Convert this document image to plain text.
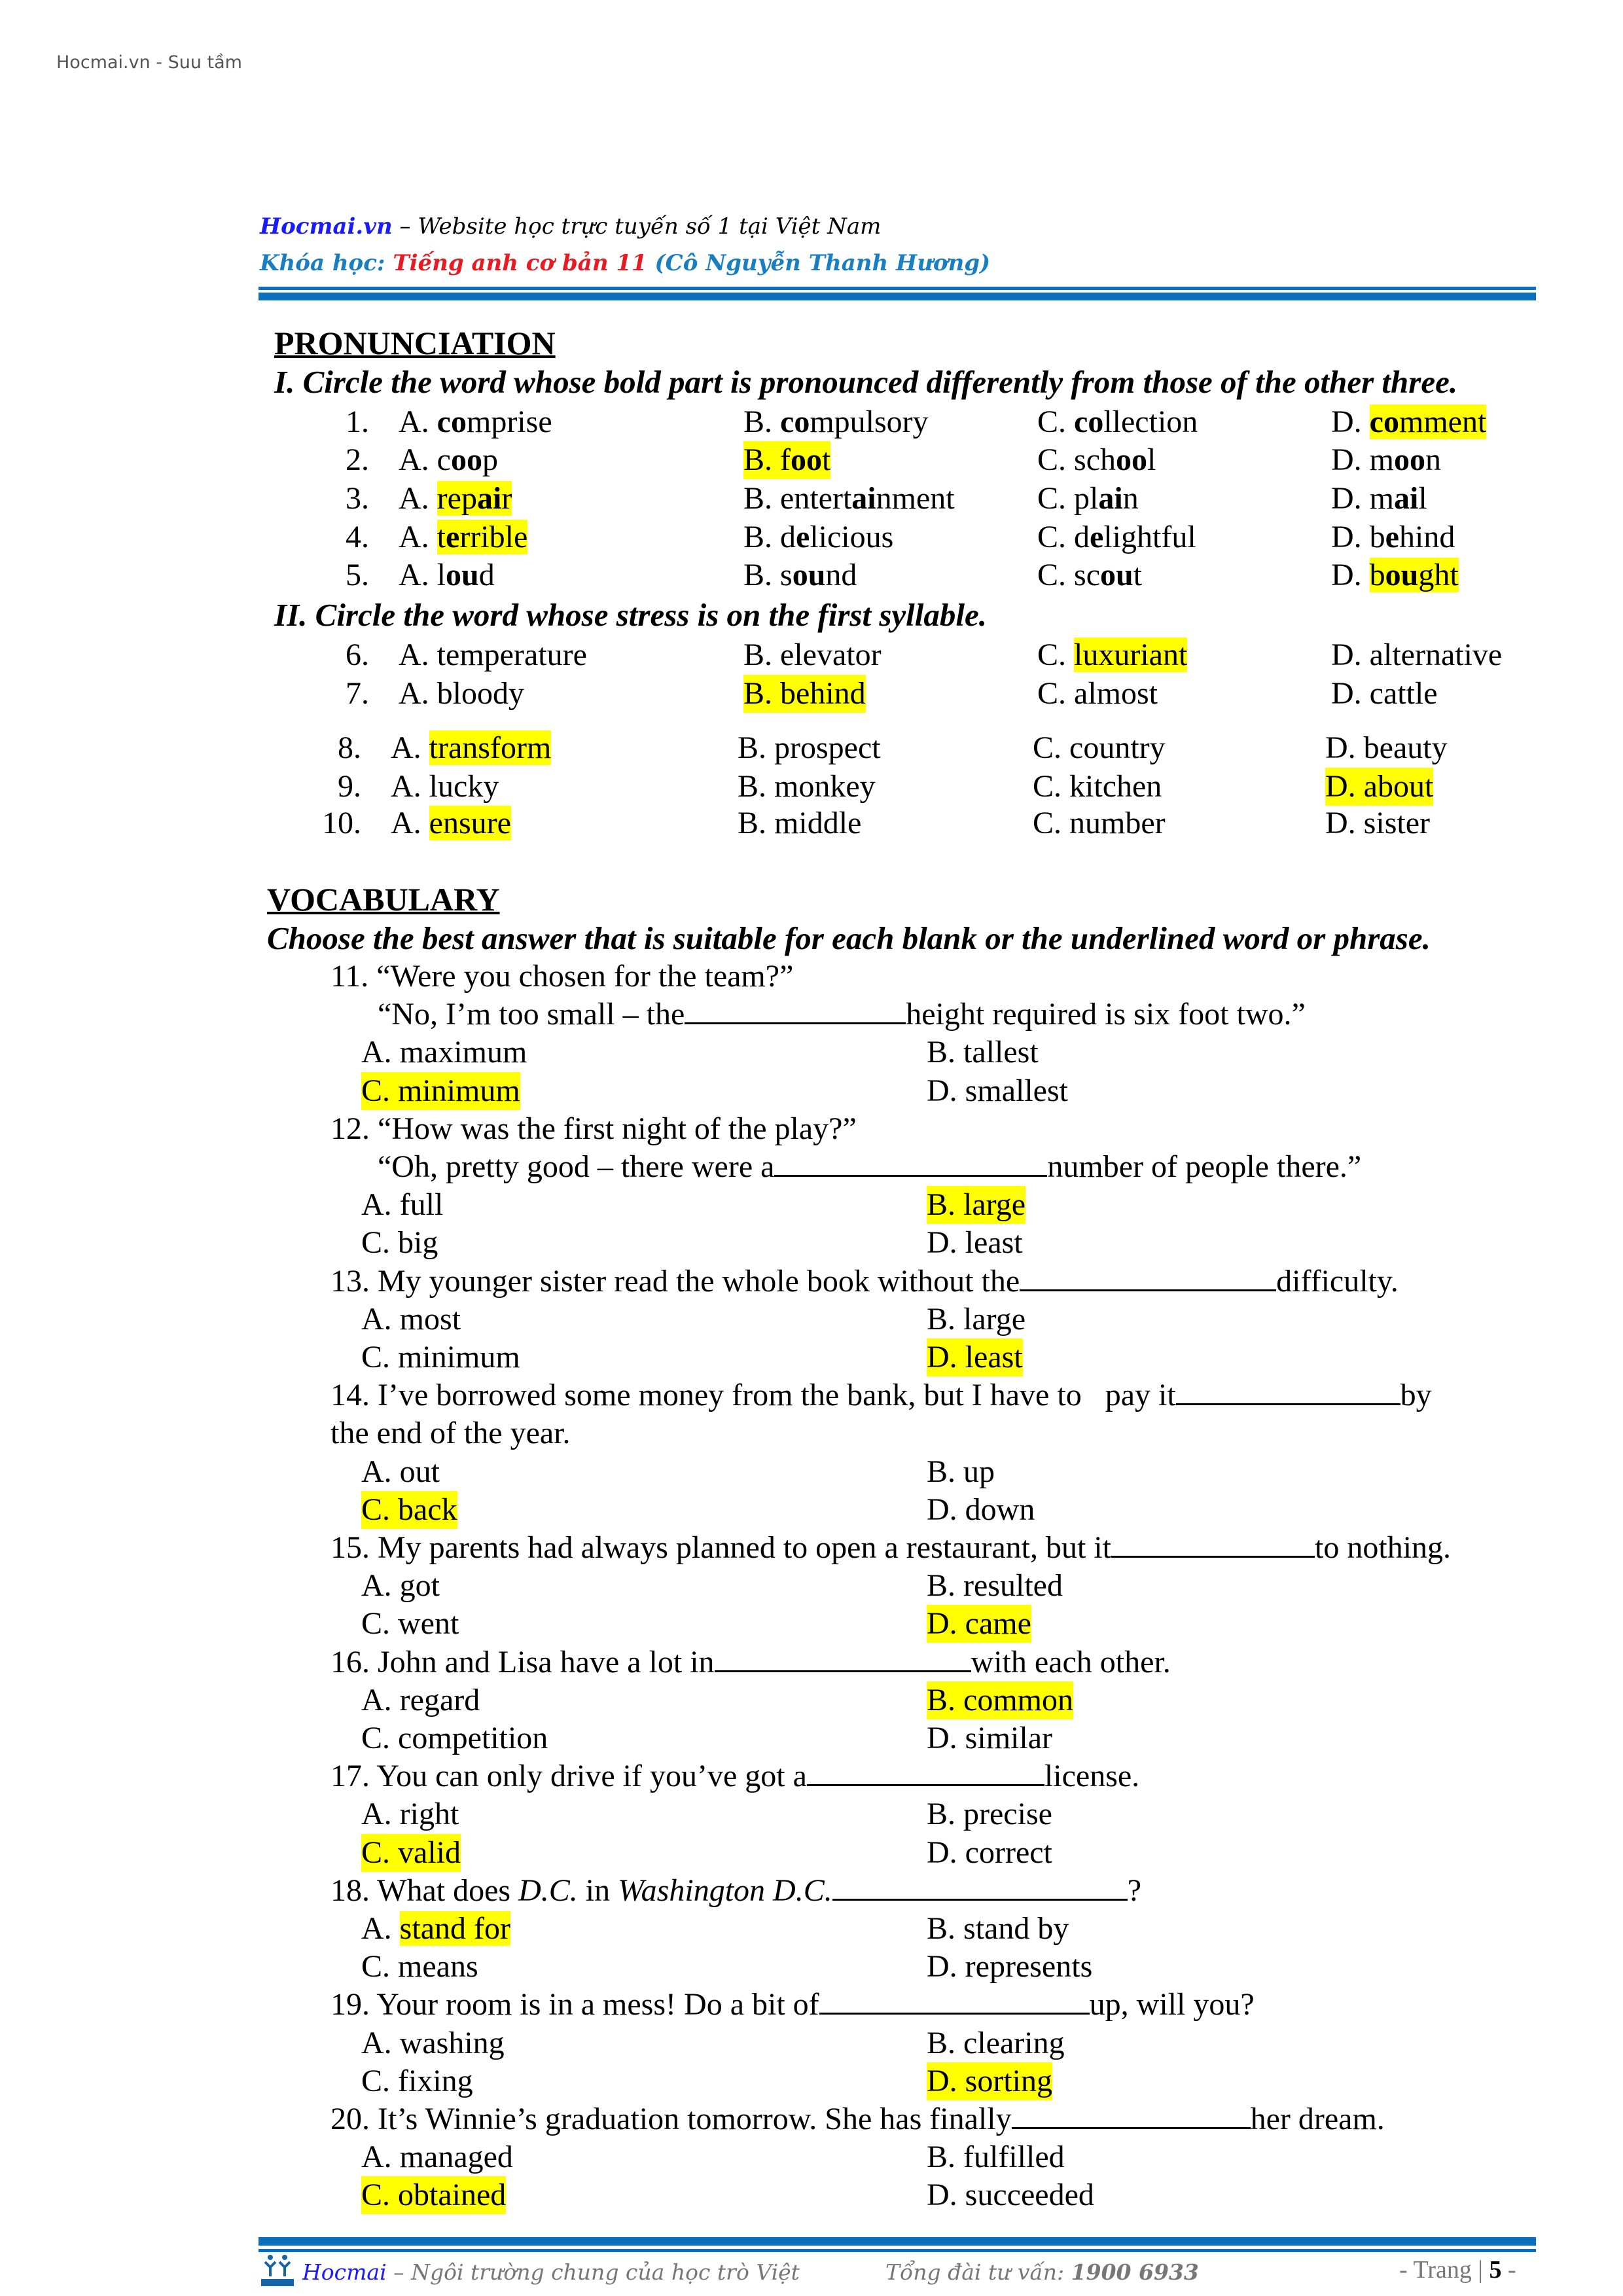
Hocmai.vn - Suu tầm
Hocmai.vn – Website học trực tuyến số 1 tại Việt Nam
Khóa học: Tiếng anh cơ bản 11 (Cô Nguyễn Thanh Hương)
PRONUNCIATION
I. Circle the word whose bold part is pronounced differently from those of the other three.
II. Circle the word whose stress is on the first syllable.
1. A. comprise	B. compulsory	C. collection	D. comment
2. A. coop	B. foot	C. school	D. moon
3. A. repair	B. entertainment	C. plain	D. mail
4. A. terrible	B. delicious	C. delightful	D. behind
5. A. loud	B. sound	C. scout	D. bought
6. A. temperature	B. elevator	C. luxuriant	D. alternative
7. A. bloody	B. behind	C. almost	D. cattle
8. A. transform	B. prospect	C. country	D. beauty
9. A. lucky	B. monkey	C. kitchen	D. about
10. A. ensure	B. middle	C. number	D. sister
VOCABULARY
Choose the best answer that is suitable for each blank or the underlined word or phrase.
11. “Were you chosen for the team?”
“No, I’m too small – the	height required is six foot two.”
A. maximum	B. tallest
C. minimum	D. smallest
12. “How was the first night of the play?”
“Oh, pretty good – there were a	number of people there.”
A. full	B. large
C. big	D. least
13. My younger sister read the whole book without the	difficulty.
A. most	B. large
C. minimum	D. least
14. I’ve borrowed some money from the bank, but I have to   pay it	by
the end of the year.
A. out	B. up
C. back	D. down
15. My parents had always planned to open a restaurant, but it	to nothing.
A. got	B. resulted
C. went	D. came
16. John and Lisa have a lot in	with each other.
A. regard	B. common
C. competition	D. similar
17. You can only drive if you’ve got a	license.
A. right	B. precise
C. valid	D. correct
18. What does D.C. in Washington D.C.	?
A. stand for	B. stand by
C. means	D. represents
19. Your room is in a mess! Do a bit of	up, will you?
A. washing	B. clearing
C. fixing	D. sorting
20. It’s Winnie’s graduation tomorrow. She has finally	her dream.
A. managed	B. fulfilled
C. obtained	D. succeeded
Hocmai – Ngôi trường chung của học trò Việt	Tổng đài tư vấn: 1900 6933	- Trang | 5 -
